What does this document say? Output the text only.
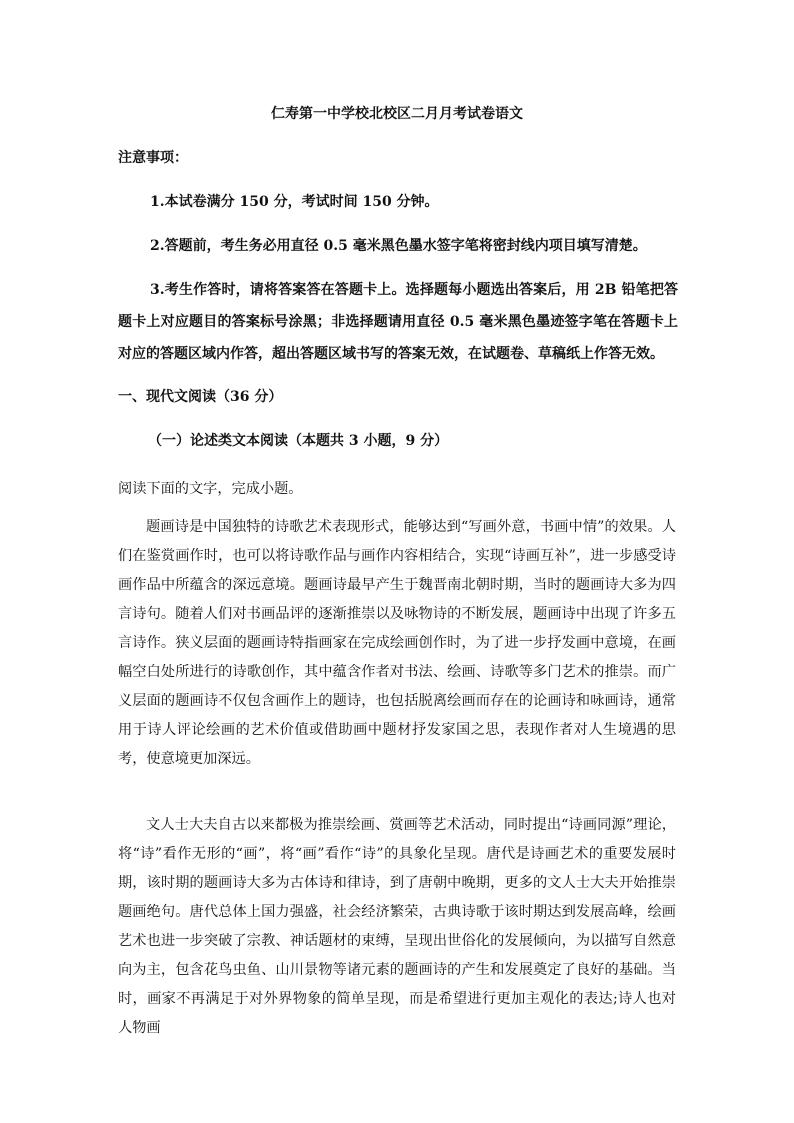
仁寿第一中学校北校区二月月考试卷语文
注意事项：
1.本试卷满分 150 分，考试时间 150 分钟。
2.答题前，考生务必用直径 0.5 毫米黑色墨水签字笔将密封线内项目填写清楚。

3.考生作答时，请将答案答在答题卡上。选择题每小题选出答案后，用 2B 铅笔把答题卡上对应题目的答案标号涂黑；非选择题请用直径 0.5 毫米黑色墨迹签字笔在答题卡上对应的答题区域内作答，超出答题区域书写的答案无效，在试题卷、草稿纸上作答无效。

一、现代文阅读（36 分）
（一）论述类文本阅读（本题共 3 小题，9 分）
阅读下面的文字，完成小题。

题画诗是中国独特的诗歌艺术表现形式，能够达到“写画外意，书画中情”的效果。人们在鉴赏画作时，也可以将诗歌作品与画作内容相结合，实现“诗画互补”，进一步感受诗画作品中所蕴含的深远意境。题画诗最早产生于魏晋南北朝时期，当时的题画诗大多为四言诗句。随着人们对书画品评的逐渐推崇以及咏物诗的不断发展，题画诗中出现了许多五言诗作。狭义层面的题画诗特指画家在完成绘画创作时，为了进一步抒发画中意境，在画幅空白处所进行的诗歌创作，其中蕴含作者对书法、绘画、诗歌等多门艺术的推崇。而广义层面的题画诗不仅包含画作上的题诗，也包括脱离绘画而存在的论画诗和咏画诗，通常用于诗人评论绘画的艺术价值或借助画中题材抒发家国之思，表现作者对人生境遇的思考，使意境更加深远。

文人士大夫自古以来都极为推崇绘画、赏画等艺术活动，同时提出“诗画同源”理论，将“诗”看作无形的“画”，将“画”看作“诗”的具象化呈现。唐代是诗画艺术的重要发展时期，该时期的题画诗大多为古体诗和律诗，到了唐朝中晚期，更多的文人士大夫开始推崇题画绝句。唐代总体上国力强盛，社会经济繁荣，古典诗歌于该时期达到发展高峰，绘画艺术也进一步突破了宗教、神话题材的束缚，呈现出世俗化的发展倾向，为以描写自然意向为主，包含花鸟虫鱼、山川景物等诸元素的题画诗的产生和发展奠定了良好的基础。当时，画家不再满足于对外界物象的简单呈现，而是希望进行更加主观化的表达;诗人也对人物画
